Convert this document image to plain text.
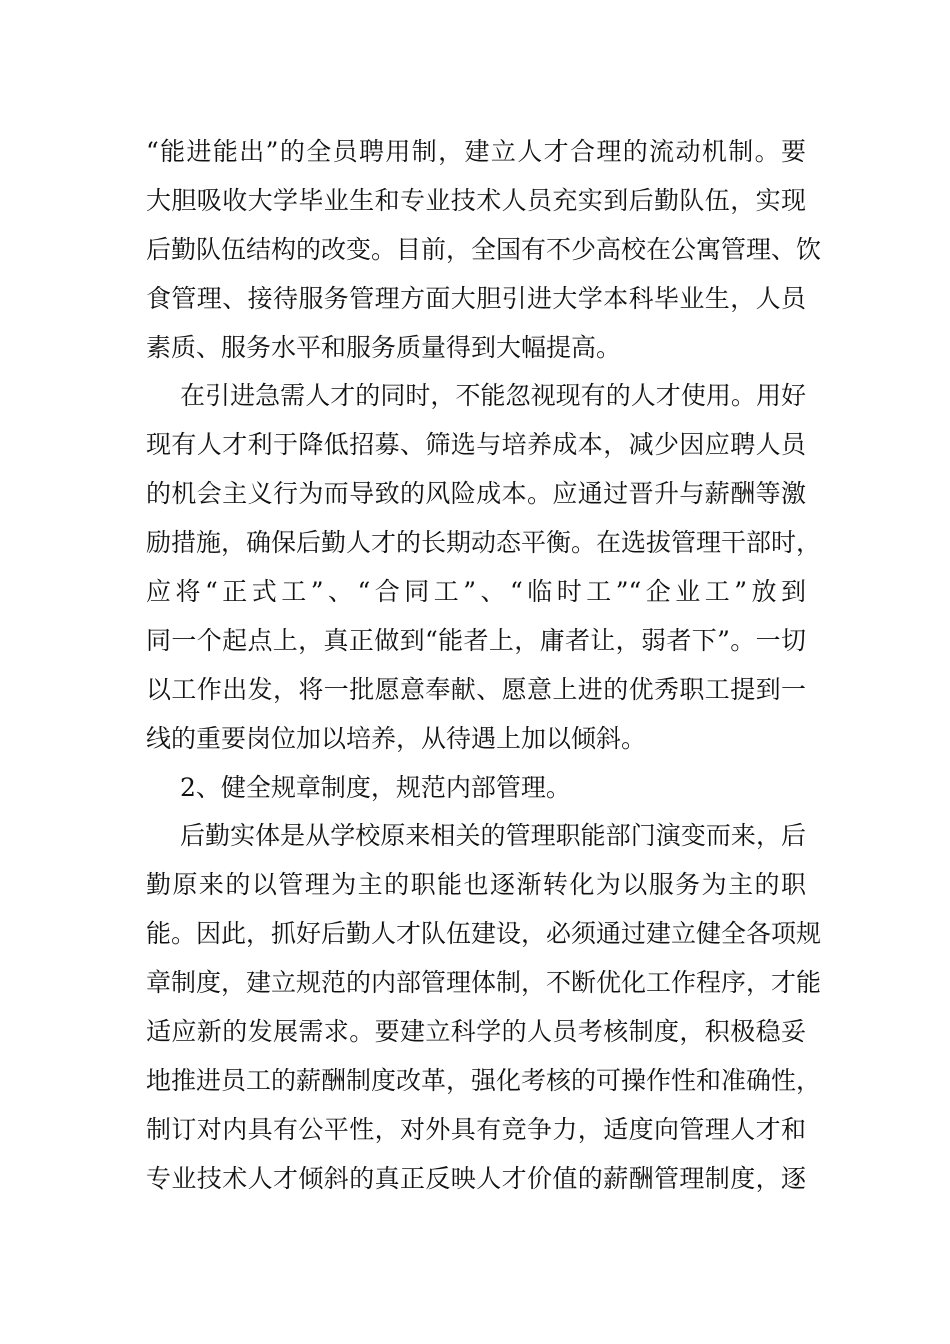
“能进能出”的全员聘用制，建立人才合理的流动机制。要
大胆吸收大学毕业生和专业技术人员充实到后勤队伍，实现
后勤队伍结构的改变。目前，全国有不少高校在公寓管理、饮
食管理、接待服务管理方面大胆引进大学本科毕业生，人员
素质、服务水平和服务质量得到大幅提高。
在引进急需人才的同时，不能忽视现有的人才使用。用好
现有人才利于降低招募、筛选与培养成本，减少因应聘人员
的机会主义行为而导致的风险成本。应通过晋升与薪酬等激
励措施，确保后勤人才的长期动态平衡。在选拔管理干部时，
应将“正式工”、“合同工”、“临时工”“企业工”放到
同一个起点上，真正做到“能者上，庸者让，弱者下”。一切
以工作出发，将一批愿意奉献、愿意上进的优秀职工提到一
线的重要岗位加以培养，从待遇上加以倾斜。
2、健全规章制度，规范内部管理。
后勤实体是从学校原来相关的管理职能部门演变而来，后
勤原来的以管理为主的职能也逐渐转化为以服务为主的职
能。因此，抓好后勤人才队伍建设，必须通过建立健全各项规
章制度，建立规范的内部管理体制，不断优化工作程序，才能
适应新的发展需求。要建立科学的人员考核制度，积极稳妥
地推进员工的薪酬制度改革，强化考核的可操作性和准确性，
制订对内具有公平性，对外具有竞争力，适度向管理人才和
专业技术人才倾斜的真正反映人才价值的薪酬管理制度，逐
